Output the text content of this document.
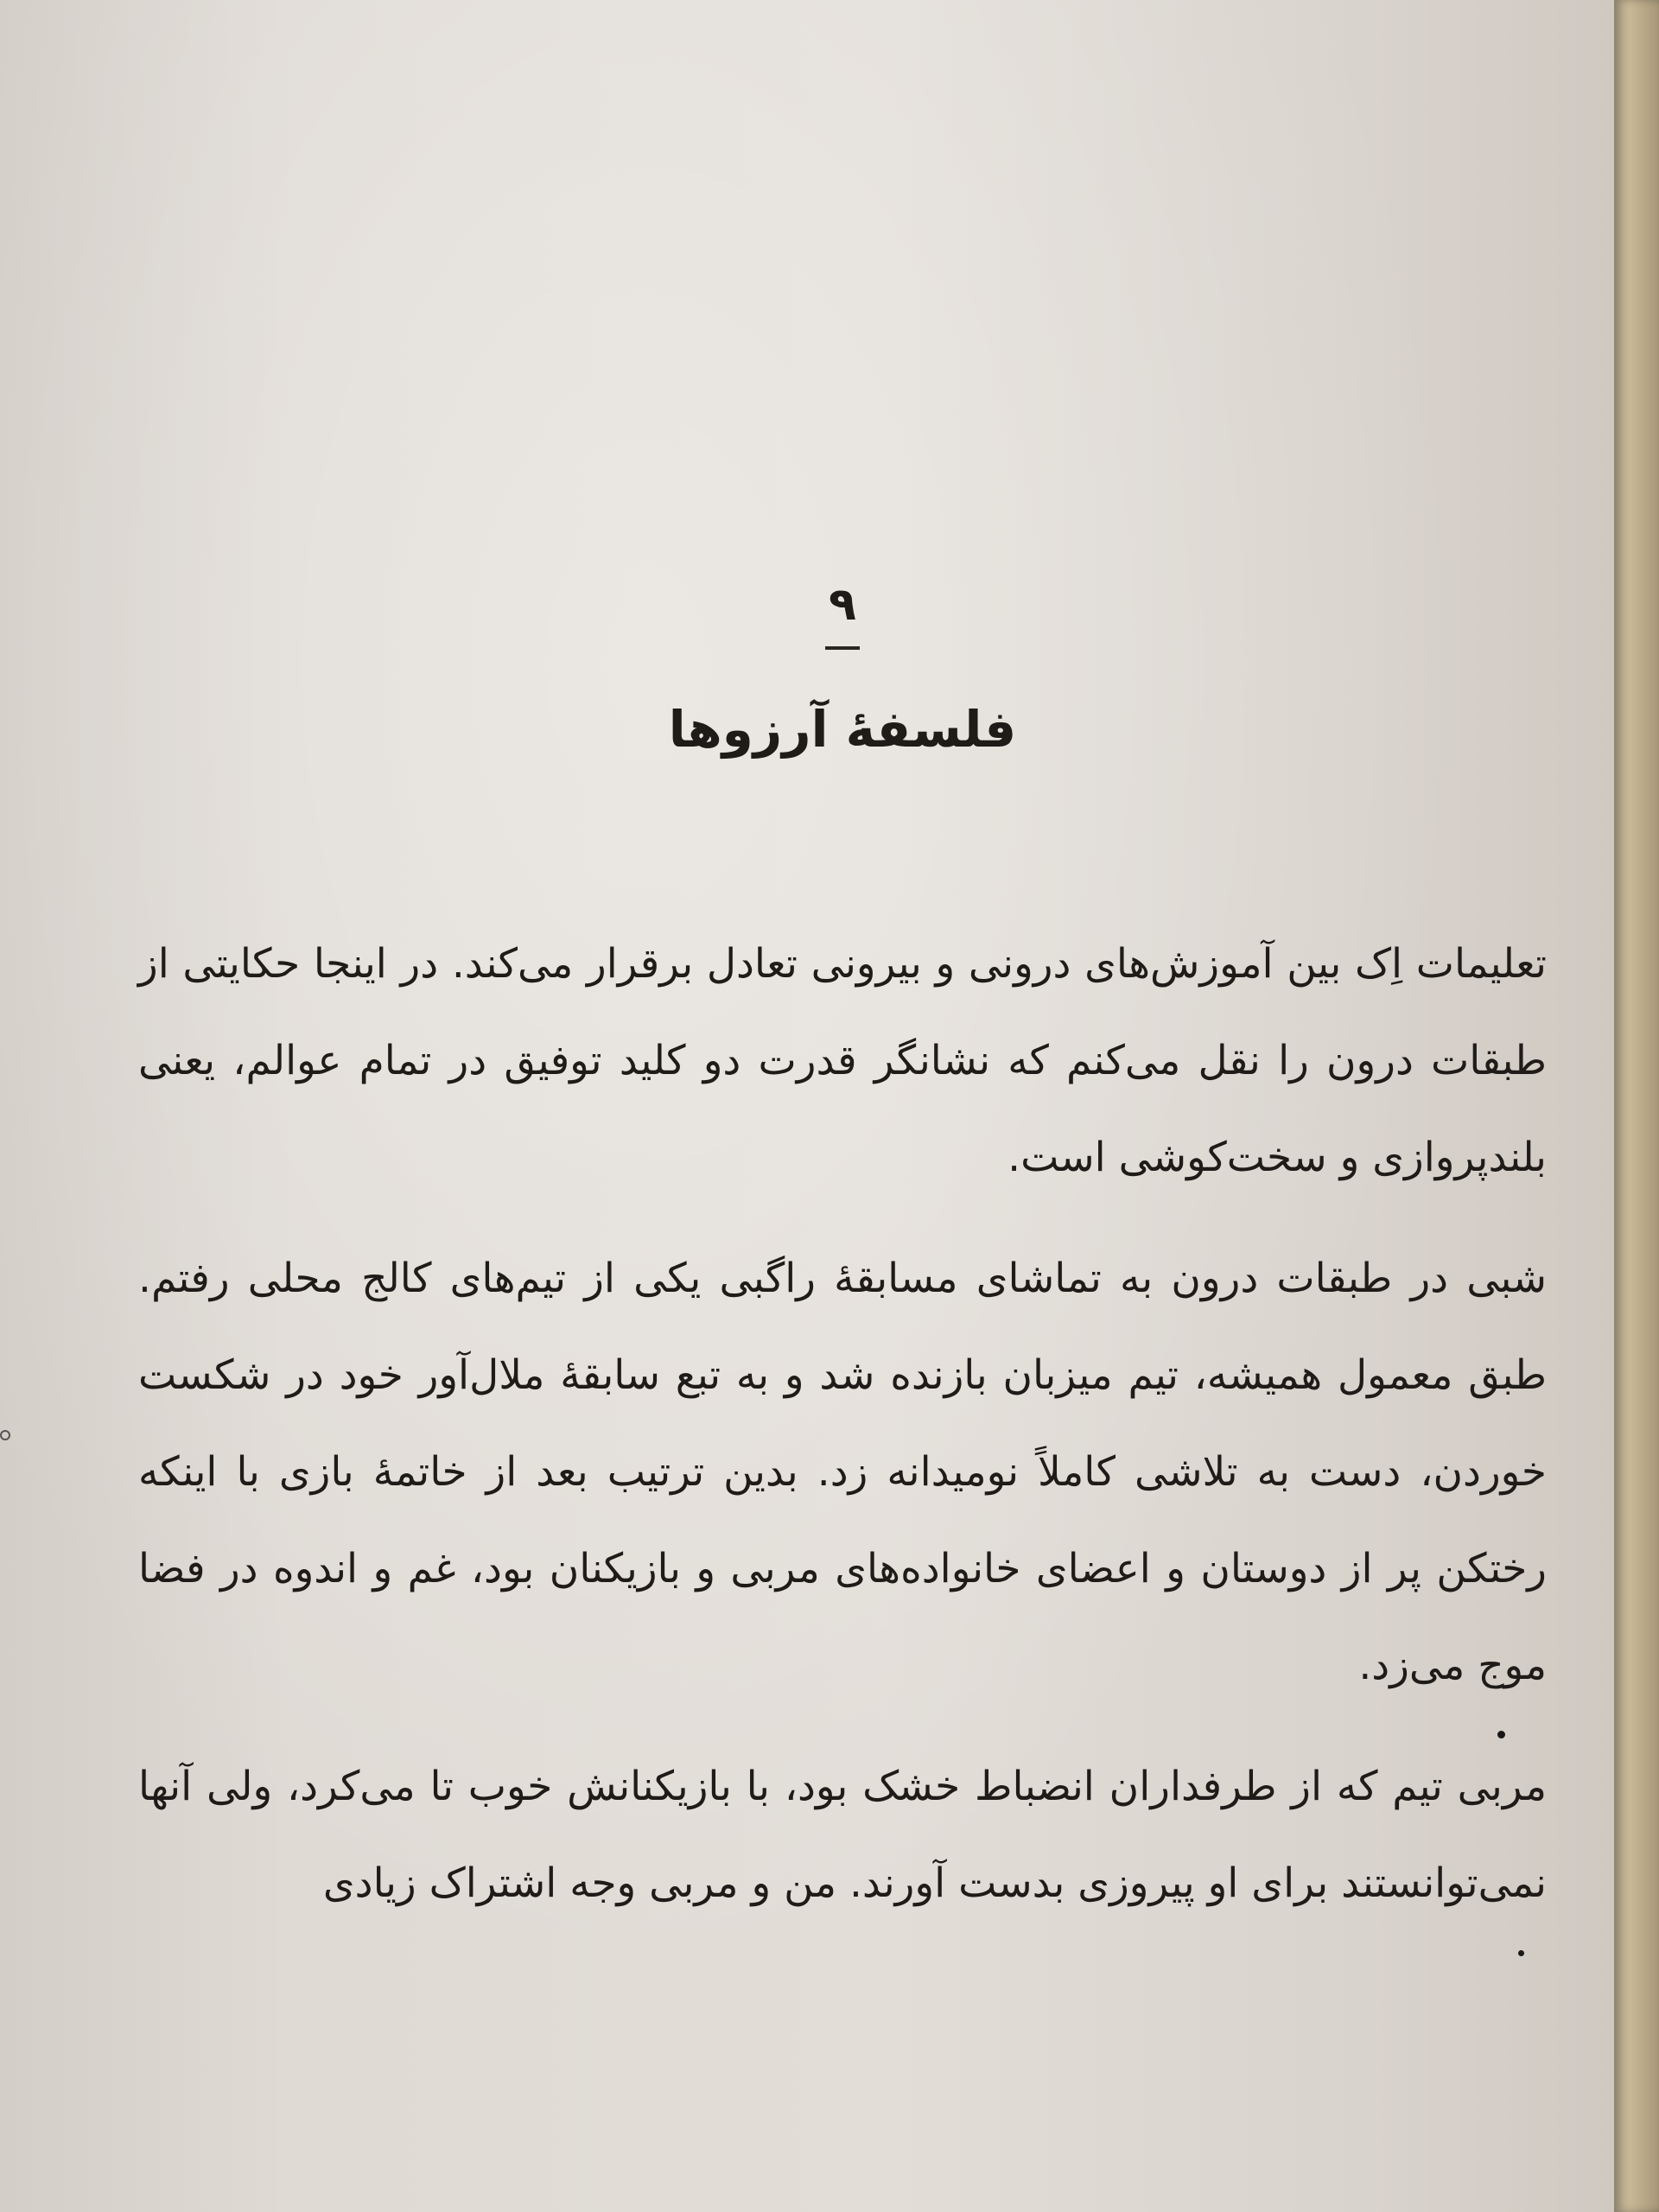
۹
فلسفهٔ آرزوها

تعلیمات اِک بین آموزش‌های درونی و بیرونی تعادل برقرار می‌کند. در اینجا حکایتی از طبقات درون را نقل می‌کنم که نشانگر قدرت دو کلید توفیق در تمام عوالم، یعنی بلندپروازی و سخت‌کوشی است.

شبی در طبقات درون به تماشای مسابقهٔ راگبی یکی از تیم‌های کالج محلی رفتم. طبق معمول همیشه، تیم میزبان بازنده شد و به تبع سابقهٔ ملال‌آور خود در شکست خوردن، دست به تلاشی کاملاً نومیدانه زد. بدین ترتیب بعد از خاتمهٔ بازی با اینکه رختکن پر از دوستان و اعضای خانواده‌های مربی و بازیکنان بود، غم و اندوه در فضا موج می‌زد.

مربی تیم که از طرفداران انضباط خشک بود، با بازیکنانش خوب تا می‌کرد، ولی آنها نمی‌توانستند برای او پیروزی بدست آورند. من و مربی وجه اشتراک زیادی
